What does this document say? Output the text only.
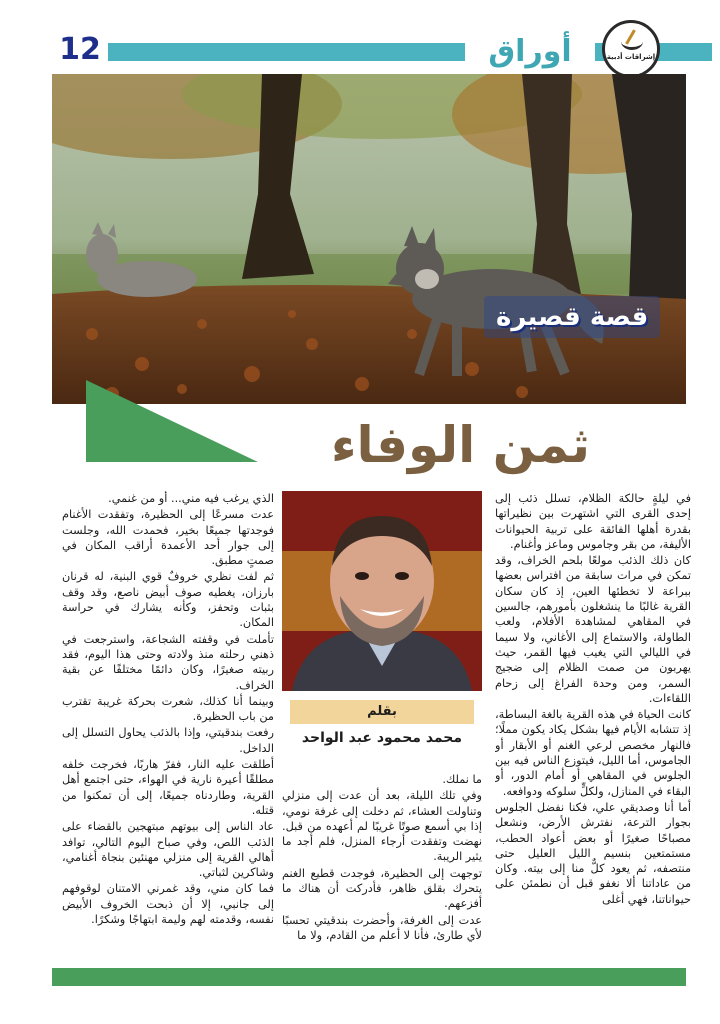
12	أوراق	إشراقات أدبية
قصة قصيرة
ثمن الوفاء
بقلم
محمد محمود عبد الواحد

في ليلةٍ حالكة الظلام، تسلل ذئب إلى إحدى القرى التي اشتهرت بين نظيراتها بقدرة أهلها الفائقة على تربية الحيوانات الأليفة، من بقر وجاموس وماعز وأغنام.

كان ذلك الذئب مولعًا بلحم الخراف، وقد تمكن في مرات سابقة من افتراس بعضها ببراعة لا تخطئها العين، إذ كان سكان القرية غالبًا ما ينشغلون بأمورهم، جالسين في المقاهي لمشاهدة الأفلام، ولعب الطاولة، والاستماع إلى الأغاني، ولا سيما في الليالي التي يغيب فيها القمر، حيث يهربون من صمت الظلام إلى ضجيج السمر، ومن وحدة الفراغ إلى زحام اللقاءات.

كانت الحياة في هذه القرية بالغة البساطة، إذ تتشابه الأيام فيها بشكل يكاد يكون مملًا؛ فالنهار مخصص لرعي الغنم أو الأبقار أو الجاموس، أما الليل، فيتوزع الناس فيه بين الجلوس في المقاهي أو أمام الدور، أو البقاء في المنازل، ولكلٍّ سلوكه ودوافعه.

أما أنا وصديقي علي، فكنا نفضل الجلوس بجوار الترعة، نفترش الأرض، ونشعل مصباحًا صغيرًا أو بعض أعواد الحطب، مستمتعين بنسيم الليل العليل حتى منتصفه، ثم يعود كلٌّ منا إلى بيته. وكان من عاداتنا ألا نغفو قبل أن نطمئن على حيواناتنا، فهي أغلى

ما نملك.

وفي تلك الليلة، بعد أن عدت إلى منزلي وتناولت العشاء، ثم دخلت إلى غرفة نومي، إذا بي أسمع صوتًا غريبًا لم أعهده من قبل. نهضت وتفقدت أرجاء المنزل، فلم أجد ما يثير الريبة.

توجهت إلى الحظيرة، فوجدت قطيع الغنم يتحرك بقلق ظاهر، فأدركت أن هناك ما أفزعهم.

عدت إلى الغرفة، وأحضرت بندقيتي تحسبًا لأي طارئ، فأنا لا أعلم من القادم، ولا ما

الذي يرغب فيه مني... أو من غنمي.

عدت مسرعًا إلى الحظيرة، وتفقدت الأغنام فوجدتها جميعًا بخير، فحمدت الله، وجلست إلى جوار أحد الأعمدة أراقب المكان في صمتٍ مطبق.

ثم لفت نظري خروفٌ قوي البنية، له قرنان بارزان، يغطيه صوف أبيض ناصع، وقد وقف بثبات وتحفز، وكأنه يشارك في حراسة المكان.

تأملت في وقفته الشجاعة، واسترجعت في ذهني رحلته منذ ولادته وحتى هذا اليوم، فقد ربيته صغيرًا، وكان دائمًا مختلفًا عن بقية الخراف.

وبينما أنا كذلك، شعرت بحركة غريبة تقترب من باب الحظيرة.

رفعت بندقيتي، وإذا بالذئب يحاول التسلل إلى الداخل.

أطلقت عليه النار، ففرّ هاربًا، فخرجت خلفه مطلقًا أعيرة نارية في الهواء، حتى اجتمع أهل القرية، وطاردناه جميعًا، إلى أن تمكنوا من قتله.

عاد الناس إلى بيوتهم مبتهجين بالقضاء على الذئب اللص، وفي صباح اليوم التالي، توافد أهالي القرية إلى منزلي مهنئين بنجاة أغنامي، وشاكرين لثباتي.

فما كان مني، وقد غمرني الامتنان لوقوفهم إلى جانبي، إلا أن ذبحت الخروف الأبيض نفسه، وقدمته لهم وليمة ابتهاجًا وشكرًا.
